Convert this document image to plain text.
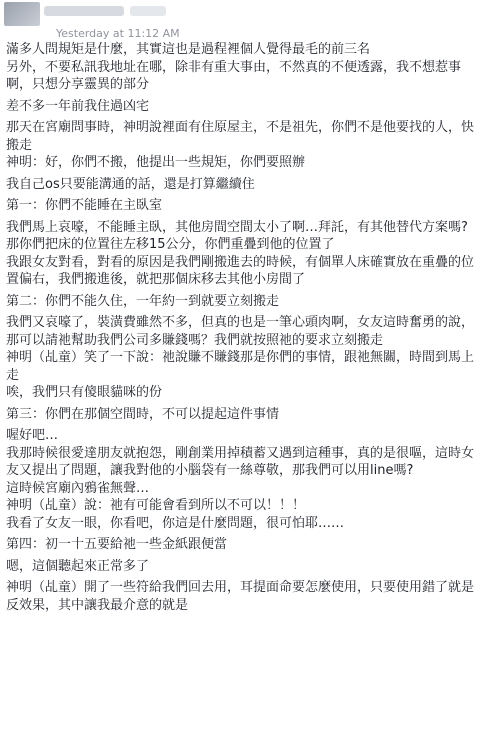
Yesterday at 11:12 AM

滿多人問規矩是什麼，其實這也是過程裡個人覺得最毛的前三名
另外，不要私訊我地址在哪，除非有重大事由，不然真的不便透露，我不想惹事啊，只想分享靈異的部分

差不多一年前我住過凶宅

那天在宮廟問事時，神明說裡面有住原屋主，不是祖先，你們不是他要找的人，快搬走
神明：好，你們不搬，他提出一些規矩，你們要照辦

我自己os只要能溝通的話，還是打算繼續住

第一：你們不能睡在主臥室

我們馬上哀嚎，不能睡主臥，其他房間空間太小了啊…拜託，有其他替代方案嗎?
那你們把床的位置往左移15公分，你們重疊到他的位置了
我跟女友對看，對看的原因是我們剛搬進去的時候，有個單人床確實放在重疊的位置偏右，我們搬進後，就把那個床移去其他小房間了

第二：你們不能久住，一年約一到就要立刻搬走

我們又哀嚎了，裝潢費雖然不多，但真的也是一筆心頭肉啊，女友這時奮勇的說，那可以請祂幫助我們公司多賺錢嗎？我們就按照祂的要求立刻搬走
神明（乩童）笑了一下說：祂說賺不賺錢那是你們的事情，跟祂無關，時間到馬上走
唉，我們只有傻眼貓咪的份

第三：你們在那個空間時，不可以提起這件事情

喔好吧…
我那時候很愛達朋友就抱怨，剛創業用掉積蓄又遇到這種事，真的是很嘔，這時女友又提出了問題，讓我對他的小腦袋有一絲尊敬，那我們可以用line嗎?
這時候宮廟內鴉雀無聲…
神明（乩童）說：祂有可能會看到所以不可以！！！
我看了女友一眼，你看吧，你這是什麼問題，很可怕耶……

第四：初一十五要給祂一些金紙跟便當

嗯，這個聽起來正常多了

神明（乩童）開了一些符給我們回去用，耳提面命要怎麼使用，只要使用錯了就是反效果，其中讓我最介意的就是
